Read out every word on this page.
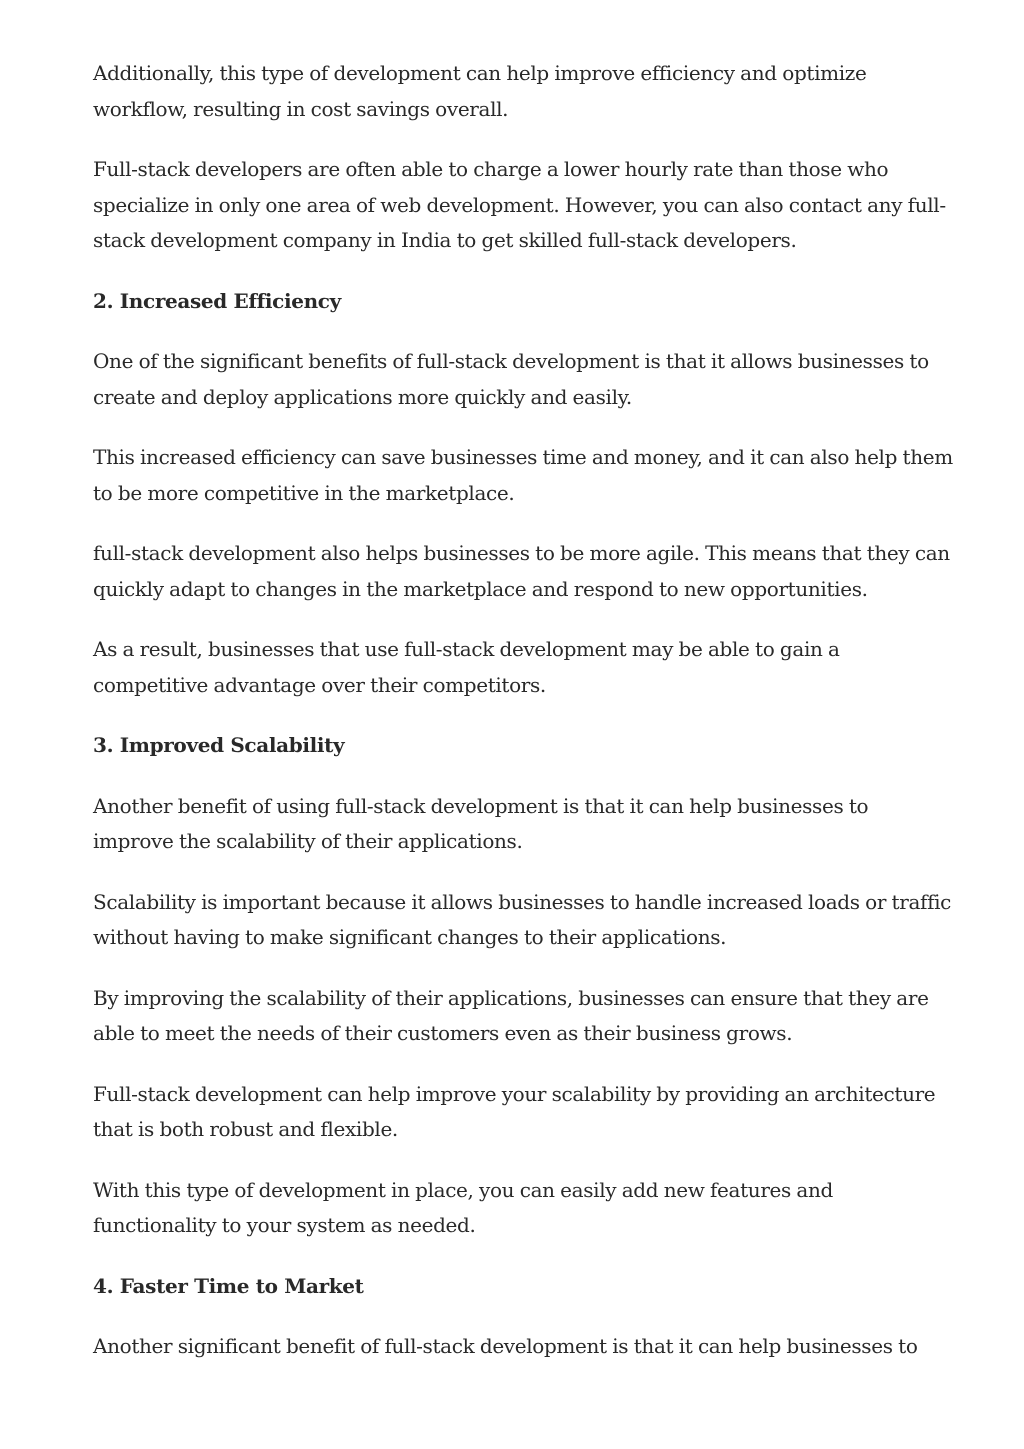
Additionally, this type of development can help improve efficiency and optimize workflow, resulting in cost savings overall.

Full-stack developers are often able to charge a lower hourly rate than those who specialize in only one area of web development. However, you can also contact any full-stack development company in India to get skilled full-stack developers.

2. Increased Efficiency

One of the significant benefits of full-stack development is that it allows businesses to create and deploy applications more quickly and easily.

This increased efficiency can save businesses time and money, and it can also help them to be more competitive in the marketplace.

full-stack development also helps businesses to be more agile. This means that they can quickly adapt to changes in the marketplace and respond to new opportunities.

As a result, businesses that use full-stack development may be able to gain a competitive advantage over their competitors.

3. Improved Scalability

Another benefit of using full-stack development is that it can help businesses to improve the scalability of their applications.

Scalability is important because it allows businesses to handle increased loads or traffic without having to make significant changes to their applications.

By improving the scalability of their applications, businesses can ensure that they are able to meet the needs of their customers even as their business grows.

Full-stack development can help improve your scalability by providing an architecture that is both robust and flexible.

With this type of development in place, you can easily add new features and functionality to your system as needed.

4. Faster Time to Market

Another significant benefit of full-stack development is that it can help businesses to
